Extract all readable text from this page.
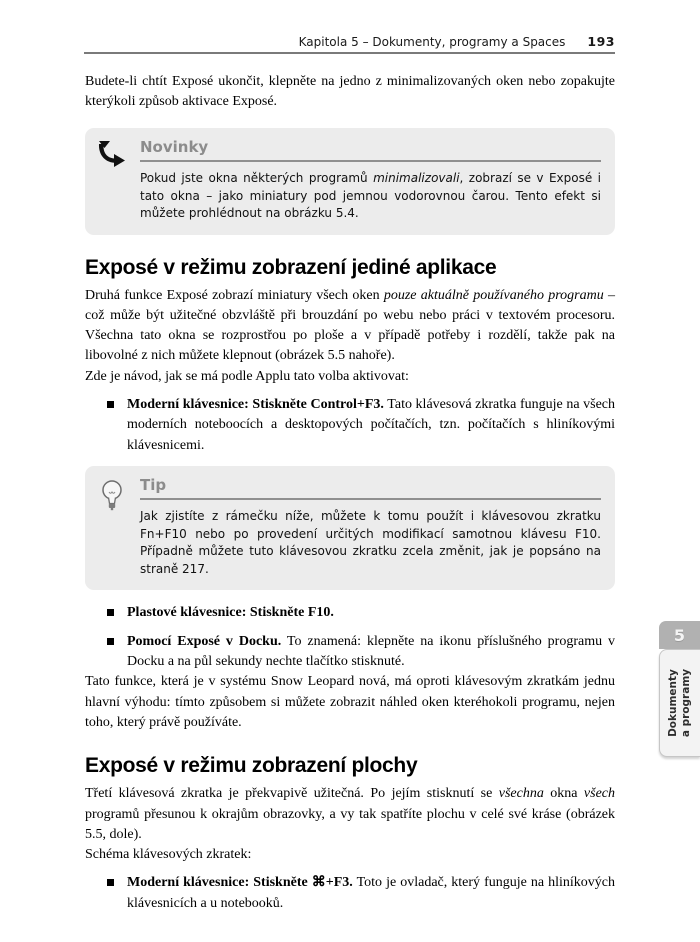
Kapitola 5 – Dokumenty, programy a Spaces 193

Budete-li chtít Exposé ukončit, klepněte na jedno z minimalizovaných oken nebo zopakujte kterýkoli způsob aktivace Exposé.

Novinky

Pokud jste okna některých programů minimalizovali, zobrazí se v Exposé i tato okna – jako miniatury pod jemnou vodorovnou čarou. Tento efekt si můžete prohlédnout na obrázku 5.4.

Exposé v režimu zobrazení jediné aplikace

Druhá funkce Exposé zobrazí miniatury všech oken pouze aktuálně používaného programu – což může být užitečné obzvláště při brouzdání po webu nebo práci v textovém procesoru. Všechna tato okna se rozprostřou po ploše a v případě potřeby i rozdělí, takže pak na libovolné z nich můžete klepnout (obrázek 5.5 nahoře).

Zde je návod, jak se má podle Applu tato volba aktivovat:

Moderní klávesnice: Stiskněte Control+F3. Tato klávesová zkratka funguje na všech moderních noteboocích a desktopových počítačích, tzn. počítačích s hliníkovými klávesnicemi.

Tip

Jak zjistíte z rámečku níže, můžete k tomu použít i klávesovou zkratku Fn+F10 nebo po provedení určitých modifikací samotnou klávesu F10. Případně můžete tuto klávesovou zkratku zcela změnit, jak je popsáno na straně 217.

Plastové klávesnice: Stiskněte F10.

Pomocí Exposé v Docku. To znamená: klepněte na ikonu příslušného programu v Docku a na půl sekundy nechte tlačítko stisknuté.

Tato funkce, která je v systému Snow Leopard nová, má oproti klávesovým zkratkám jednu hlavní výhodu: tímto způsobem si můžete zobrazit náhled oken kteréhokoli programu, nejen toho, který právě používáte.

Exposé v režimu zobrazení plochy

Třetí klávesová zkratka je překvapivě užitečná. Po jejím stisknutí se všechna okna všech programů přesunou k okrajům obrazovky, a vy tak spatříte plochu v celé své kráse (obrázek 5.5, dole).

Schéma klávesových zkratek:

Moderní klávesnice: Stiskněte ⌘+F3. Toto je ovladač, který funguje na hliníkových klávesnicích a u notebooků.

5
Dokumenty a programy
